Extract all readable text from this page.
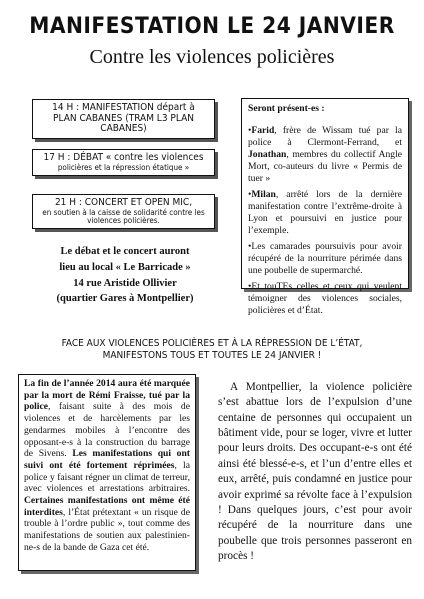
MANIFESTATION LE 24 JANVIER
Contre les violences policières
14 H : MANIFESTATION départ à
PLAN CABANES (TRAM L3 PLAN CABANES)
17 H : DÉBAT « contre les violences
policières et la répression étatique »
21 H : CONCERT ET OPEN MIC,
en soutien à la caisse de solidarité contre les violences policières.
Le débat et le concert auront
lieu au local « Le Barricade »
14 rue Aristide Ollivier
(quartier Gares à Montpellier)

Seront présent-es :

•Farid, frère de Wissam tué par la police à Clermont-Ferrand, et Jonathan, membres du collectif Angle Mort, co-auteurs du livre « Permis de tuer »

•Milan, arrêté lors de la dernière manifestation contre l’extrême-droite à Lyon et poursuivi en justice pour l’exemple.

•Les camarades poursuivis pour avoir récupéré de la nourriture périmée dans une poubelle de supermarché.

•Et touTEs celles et ceux qui veulent témoigner des violences sociales, policières et d’État.

FACE AUX VIOLENCES POLICIÈRES ET À LA RÉPRESSION DE L’ÉTAT,
MANIFESTONS TOUS ET TOUTES LE 24 JANVIER !
La fin de l’année 2014 aura été marquée par la mort de Rémi Fraisse, tué par la police, faisant suite à des mois de violences et de harcèlements par les gendarmes mobiles à l’encontre des opposant-e-s à la construction du barrage de Sivens. Les manifestations qui ont suivi ont été fortement réprimées, la police y faisant régner un climat de terreur, avec violences et arrestations arbitraires. Certaines manifestations ont même été interdites, l’État prétextant « un risque de trouble à l’ordre public », tout comme des manifestations de soutien aux palestinien-ne-s de la bande de Gaza cet été.
A Montpellier, la violence policière s’est abattue lors de l’expulsion d’une centaine de personnes qui occupaient un bâtiment vide, pour se loger, vivre et lutter pour leurs droits. Des occupant-e-s ont été ainsi été blessé-e-s, et l’un d’entre elles et eux, arrêté, puis condamné en justice pour avoir exprimé sa révolte face à l’expulsion ! Dans quelques jours, c’est pour avoir récupéré de la nourriture dans une poubelle que trois personnes passeront en procès !
